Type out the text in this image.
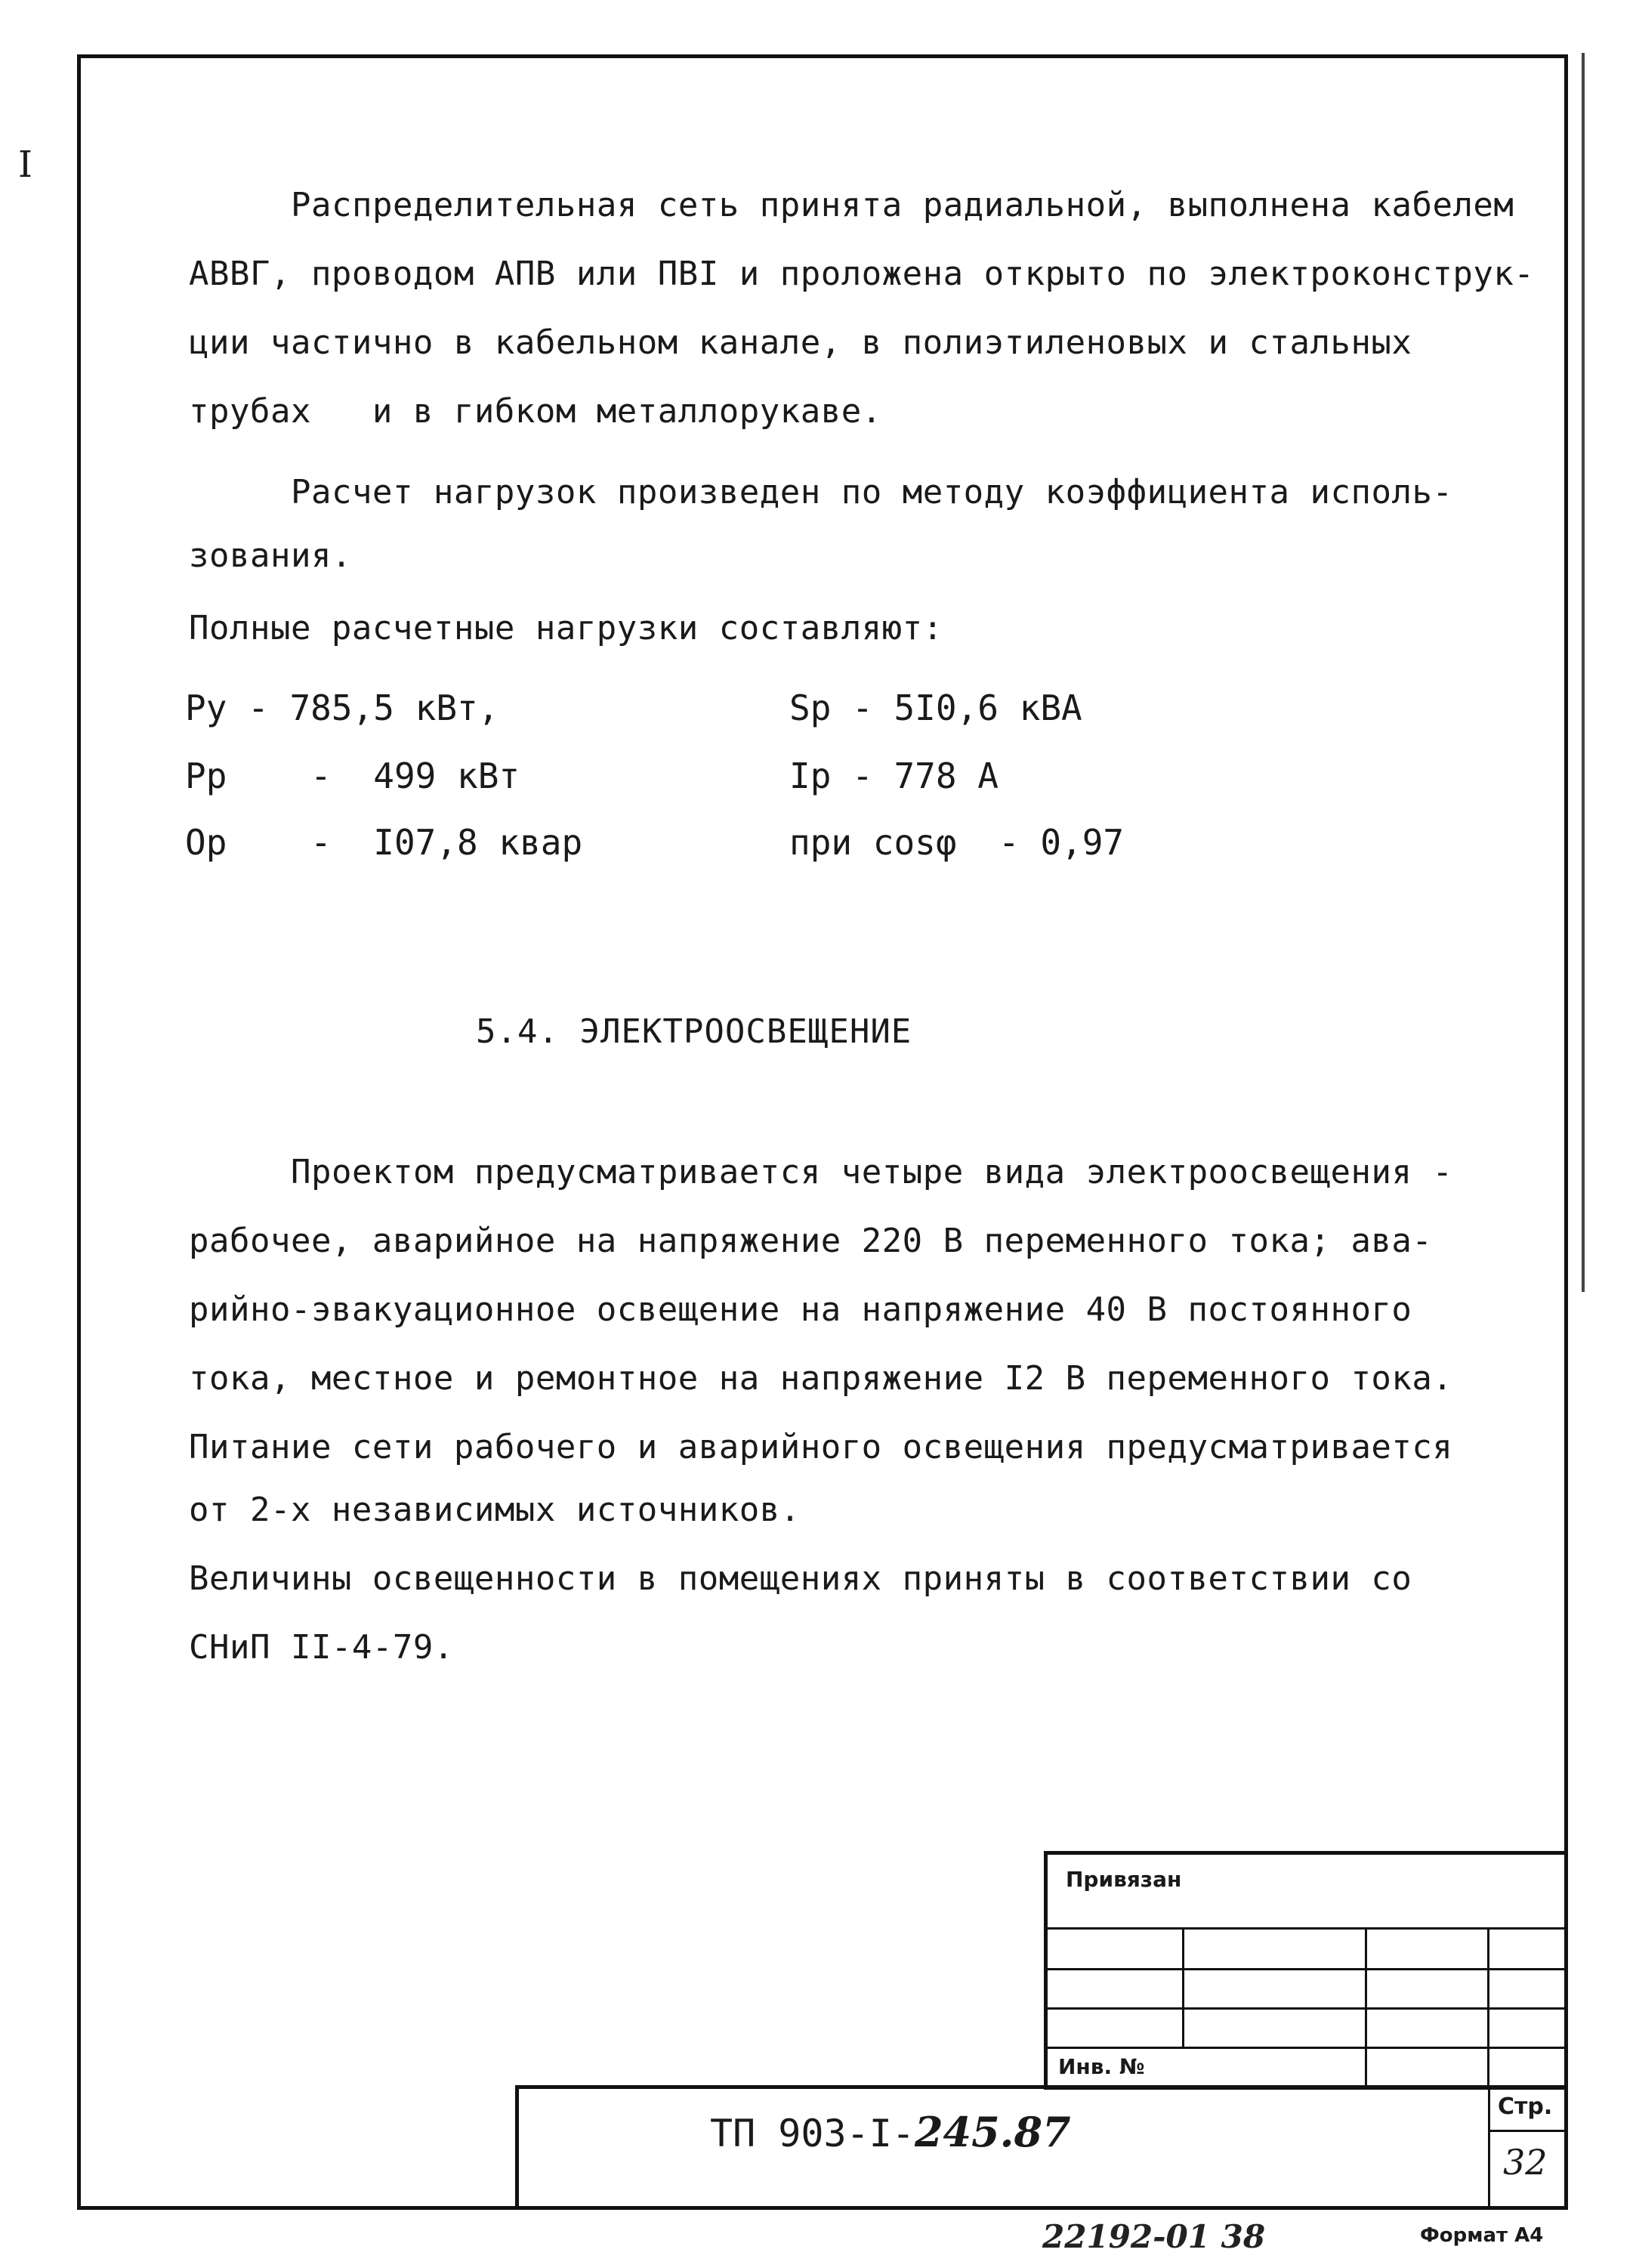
I
Распределительная сеть принята радиальной, выполнена кабелем
АВВГ, проводом АПВ или ПВI и проложена открыто по электроконструк-
ции частично в кабельном канале, в полиэтиленовых и стальных
трубах   и в гибком металлорукаве.
Расчет нагрузок произведен по методу коэффициента исполь-
зования.
Полные расчетные нагрузки составляют:
Ру - 785,5 кВт,
Рр    -  499 кВт
Ор    -  I07,8 квар
Sр - 5I0,6 кВА
Iр - 778 А
при cosφ  - 0,97
5.4. ЭЛЕКТРООСВЕЩЕНИЕ
Проектом предусматривается четыре вида электроосвещения -
рабочее, аварийное на напряжение 220 В переменного тока; ава-
рийно-эвакуационное освещение на напряжение 40 В постоянного
тока, местное и ремонтное на напряжение I2 В переменного тока.
Питание сети рабочего и аварийного освещения предусматривается
от 2-х независимых источников.
Величины освещенности в помещениях приняты в соответствии со
СНиП II-4-79.
Привязан
Инв. №
Стр.
32
ТП 903-I-245.87
22192-01 38	Формат А4
